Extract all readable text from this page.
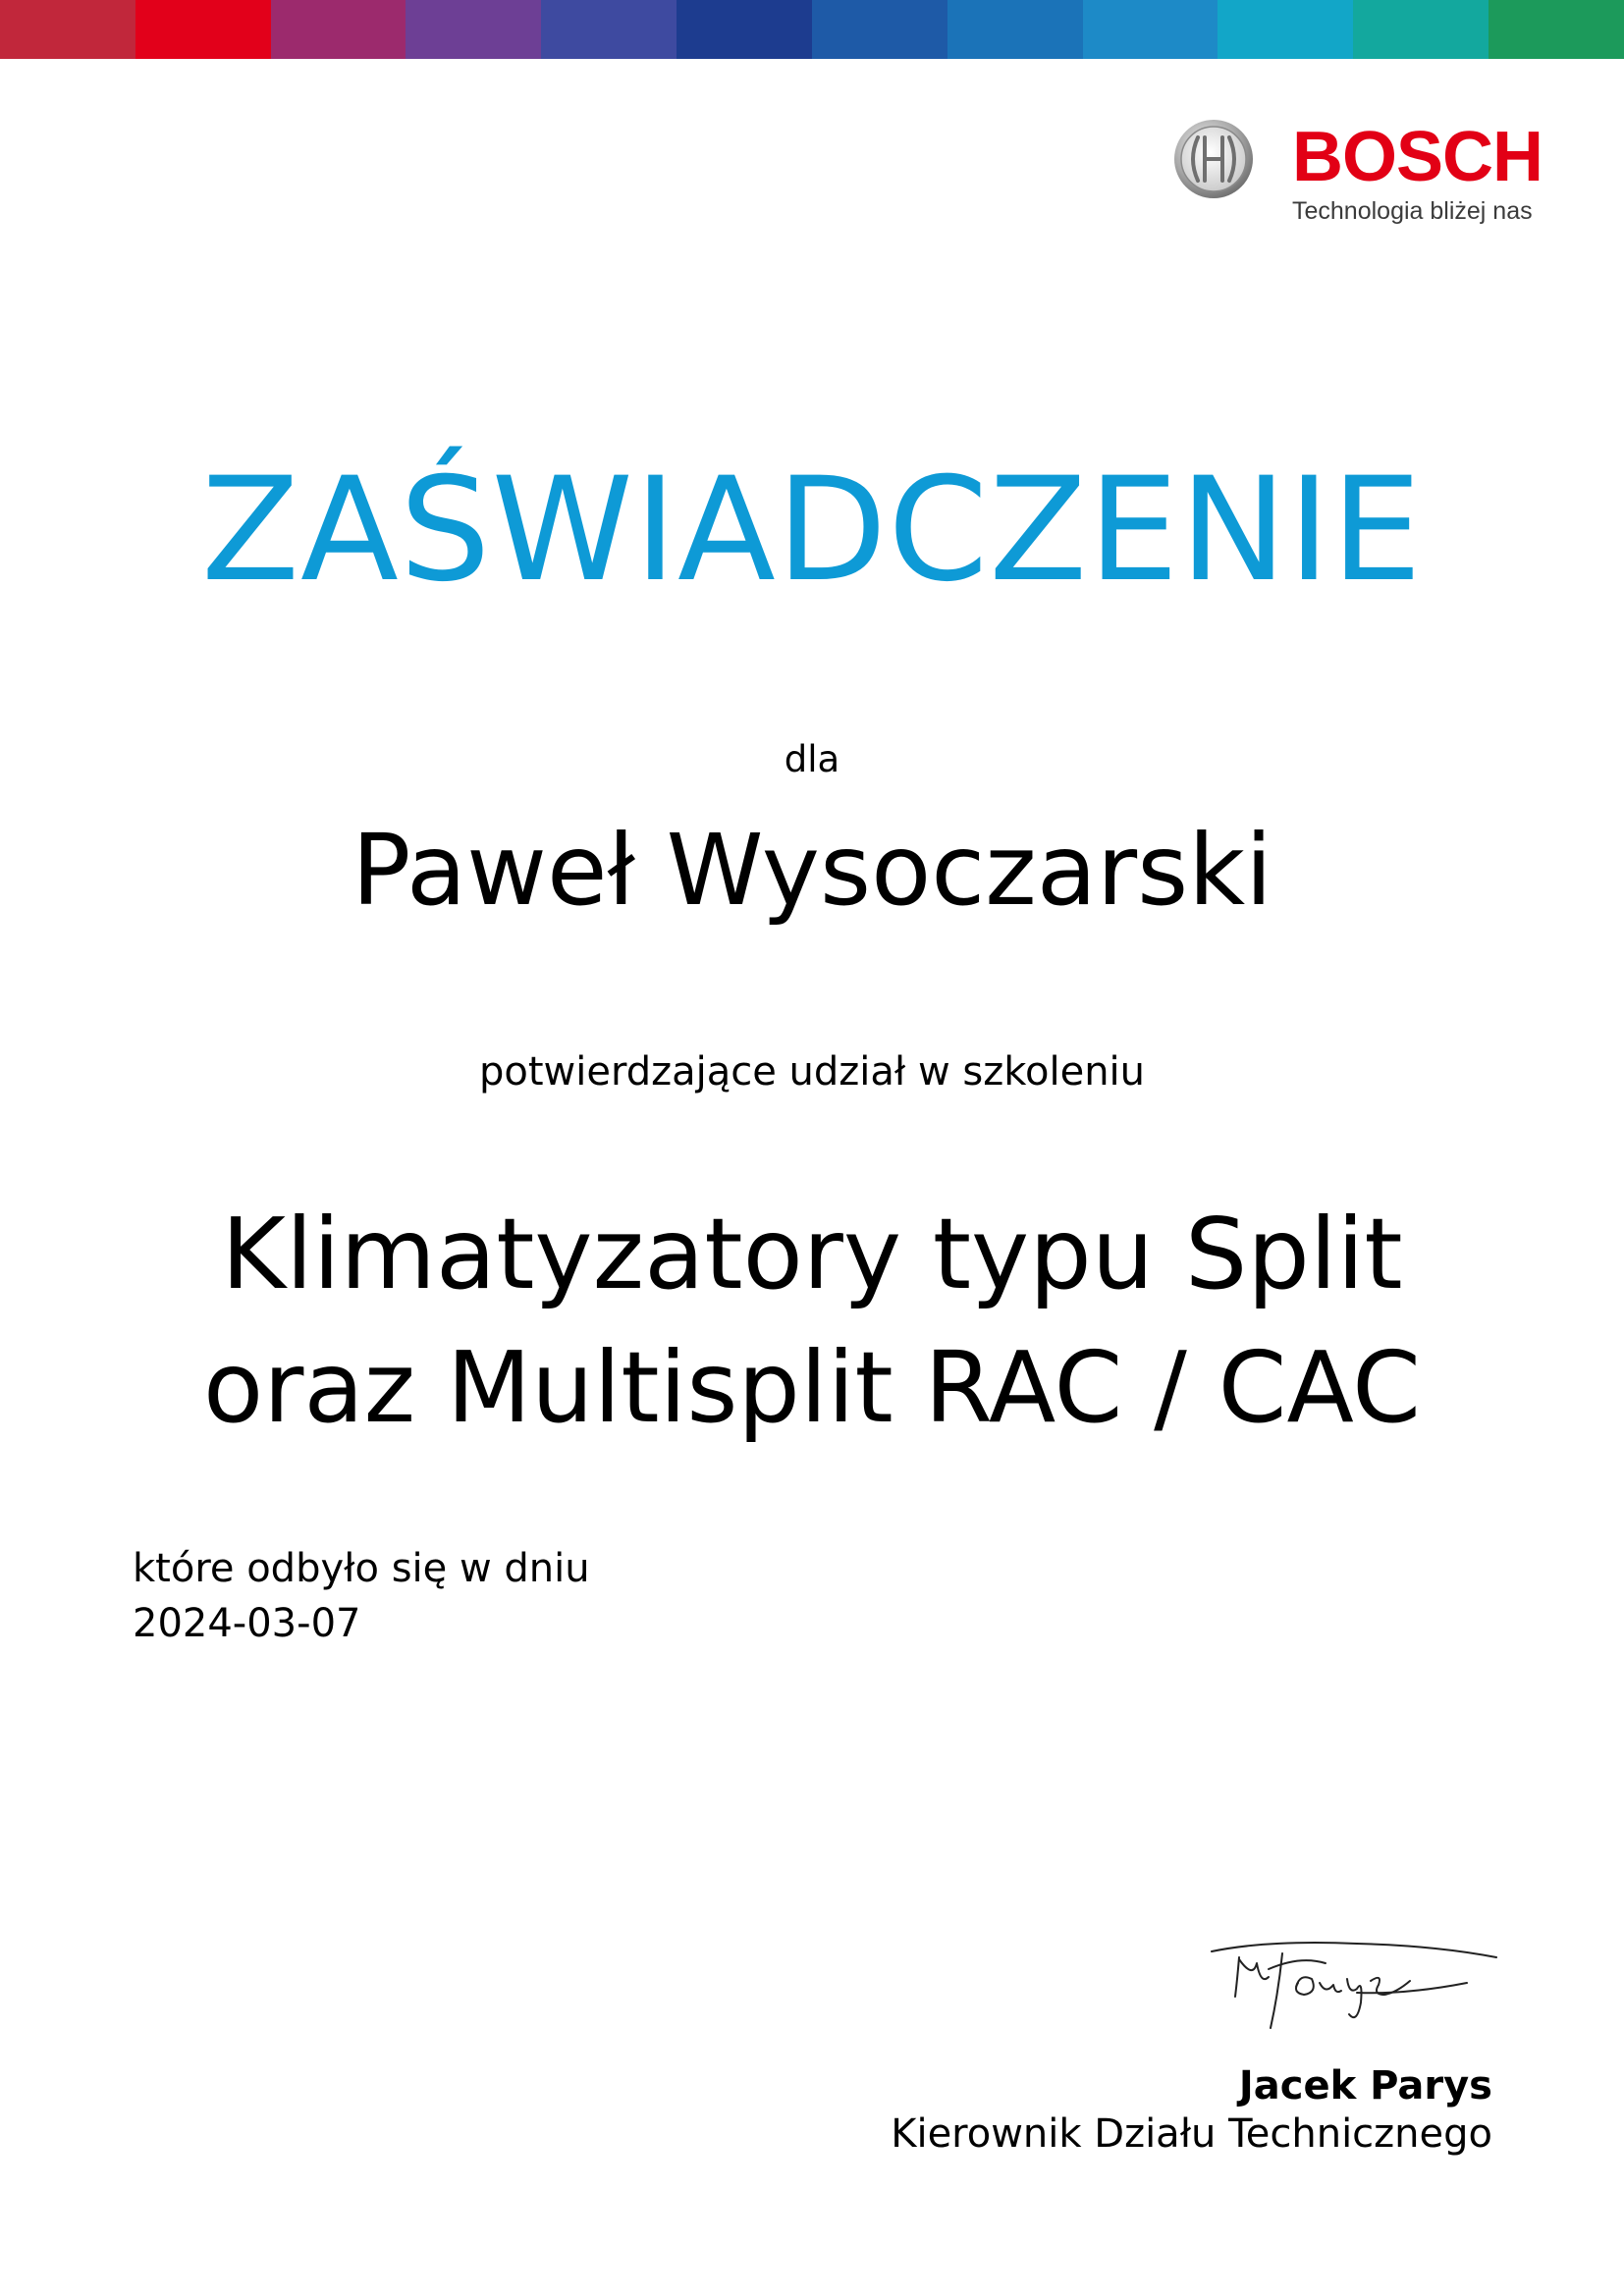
BOSCH
Technologia bliżej nas
ZAŚWIADCZENIE
dla
Paweł Wysoczarski
potwierdzające udział w szkoleniu
Klimatyzatory typu Split
oraz Multisplit RAC / CAC
które odbyło się w dniu
2024-03-07
Jacek Parys
Kierownik Działu Technicznego
